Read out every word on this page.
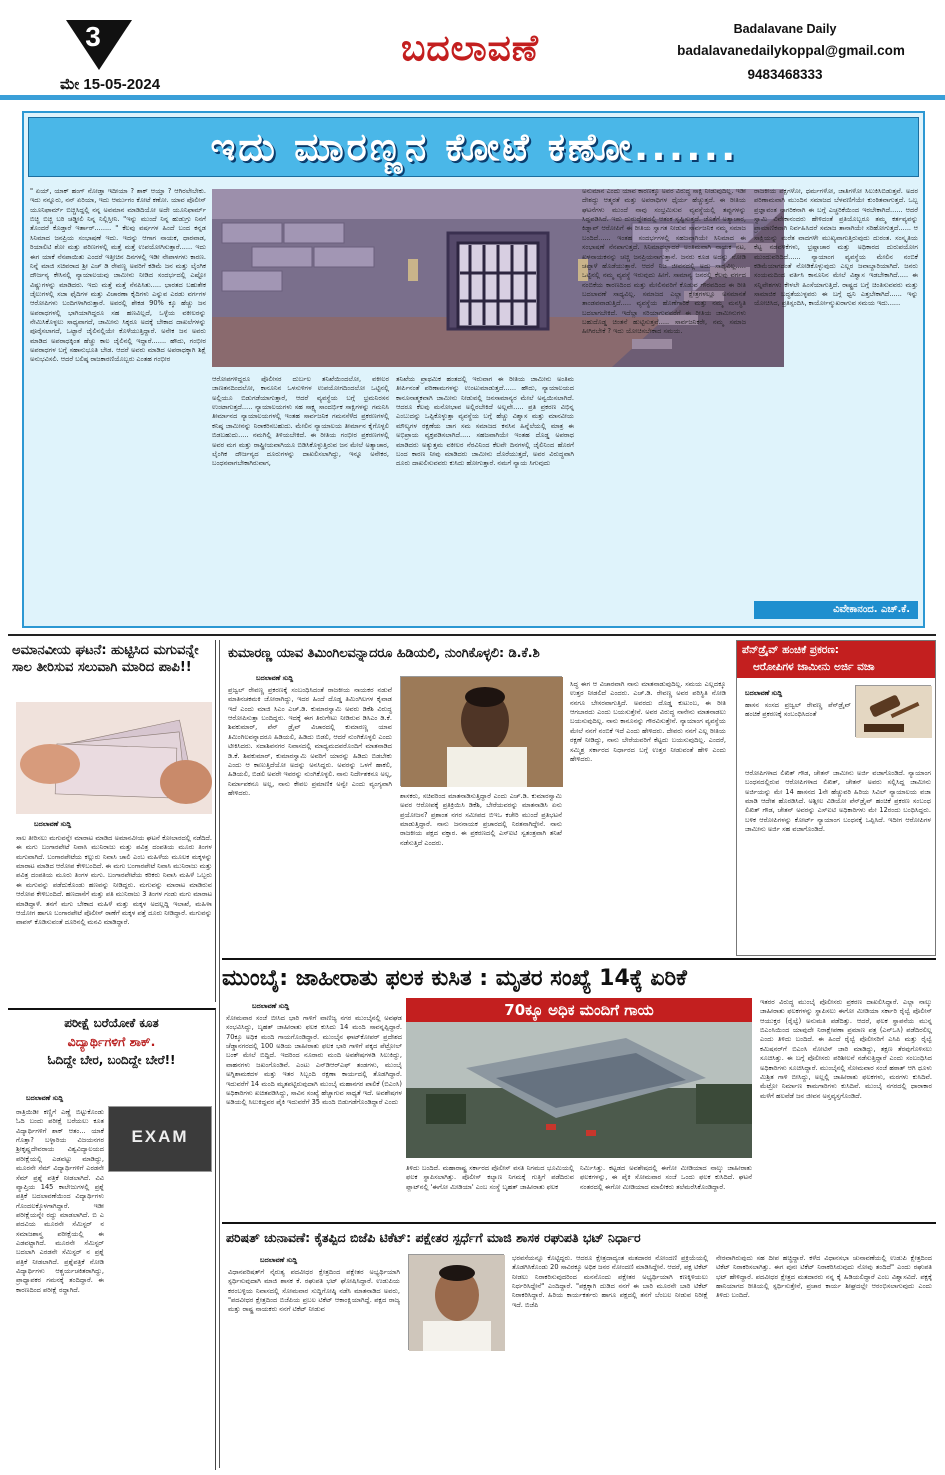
3
ಮೇ 15-05-2024
ಬದಲಾವಣೆ	Badalavane Daily
badalavanedailykoppal@gmail.com
9483468333
ಇದು ಮಾರಣ್ಣನ ಕೋಟೆ ಕಣೋ......
" ಏಯ್, ಯಾಕ್ ಹಂಗ್ ನೋಡ್ತಾ ಇದೀಯಾ ? ಶಾಕ್ ಆಯ್ತಾ ? ಆಗಿರಲೇಬೇಕು. ಇದು ನನ್ನೂರು, ನನ್ ಏರಿಯಾ, ಇದು ಆರ್ಮುಗಂ ಕೋಟೆ ಕಣೋ. ಯಾವ ಪೊಲೀಸ್ ಯೂನಿಫಾರ್ಮ್ ಬಿಚ್ಚಿಸಿದ್ದಲ್ಲಿ ನನ್ನ ಅವಮಾನ ಮಾಡಿದಿಯೋ ಅದೇ ಯೂನಿಫಾರ್ಮ್ ಬಿಚ್ಚಿ ಬಿಚ್ಚಿ ಬರಿ ಚಡ್ಡೀಲಿ ನಿನ್ನ ನಿಲ್ಲಿಸ್ತೀನಿ. "ಇನ್ನು ಮುಂದೆ ನಿನ್ನ ಹುಡುಗ್ರು ನಿನಗೆ ತೊಂದರೆ ಕೊಡ್ತಾರೆ ಇರ್ತಾರ್........ " ಕೆಲವು ವರ್ಷಗಳ ಹಿಂದೆ ಬಂದ ಕನ್ನಡ ಸಿನಿಮಾದ ಜನಪ್ರಿಯ ಸಂಭಾಷಣೆ ಇದು. ಇದನ್ನು ಆಗಾಗ ನಾಯಕ, ಧಾರವಾಡ, ರಿಯಾಲಿಟಿ ಶೋ ಮತ್ತು ಪರಿಣಗಳಲ್ಲಿ ಮತ್ತೆ ಮತ್ತೆ ಉಪಯೋಗಿಸುತ್ತಾರೆ...... ಇದು ಈಗ ಯಾಕೆ ನೆನಪಾಯಿತು ಎಂದರೆ ಇತ್ತೀಚಿನ ದಿನಗಳಲ್ಲಿ ಇಡೀ ನೇಪಾಳಗಳು ಕಾರಣ. ನಿನ್ನೆ ಮಾಜಿ ಸಚಿವರಾದ ಶ್ರೀ ಎಚ್ ಡಿ ರೇವಣ್ಣ ಅವರಿಗೆ ಕಡಿಮೆ ಜನ ಮತ್ತು ಲೈಂಗಿಕ ದೌರ್ಜನ್ಯ ಕೇಸಿನಲ್ಲಿ ನ್ಯಾಯಾಲಯವು ಜಾಮೀನು ನೀಡಿದ ಸಂದರ್ಭದಲ್ಲಿ ಎಷ್ಟೋ ವಿಷ್ಣುಗಳನ್ನು ಮಾಡಿದರು. ಇದು ಮತ್ತೆ ಮತ್ತೆ ನೆನಪಿಸಿತು..... ಭಾರತದ ಬಹುತೇಕ ಜೈಲುಗಳಲ್ಲಿ ಸಜಾ ಫೈದಿಗಳ ಮತ್ತು ವಿಚಾರಣಾ ಕೈದಿಗಳು ಎನ್ನುವ ಎರಡು ವರ್ಗಗಳ ಆರೋಪಿಗಳು ಬಂದಿಗಳಾಗಿರುತ್ತಾರೆ. ಅವರಲ್ಲಿ ಶೇಕಡ 90% ಕ್ಕೂ ಹೆಚ್ಚು ಜನ ಅಪರಾಧಗಳಲ್ಲಿ ಭಾಗಿಯಾಗಿದ್ದರೂ ಸಹ ಹಣವಿಲ್ಲದೆ, ಒಳ್ಳೆಯ ವಕೀಲರನ್ನು ನೇಮಿಸಿಕೊಳ್ಳಲು ಸಾಧ್ಯವಾಗದೆ, ಜಾಮೀನು ಸಿಕ್ಕರೂ ಅದಕ್ಕೆ ಬೇಕಾದ ದಾಖಲೆಗಳನ್ನು ಪೂರೈಸಲಾಗದೆ, ಒಟ್ಟಾರೆ ಜೈಲಿನಲ್ಲಿಯೇ ಕೊಳೆಯುತ್ತಿದ್ದಾರೆ. ಅನೇಕ ಜನ ಅವರು ಮಾಡಿದ ಅಪರಾಧಕ್ಕಿಂತ ಹೆಚ್ಚು ಕಾಲ ಜೈಲಿನಲ್ಲಿ ಇದ್ದಾರೆ....... ಹೌದು, ಗಂಭೀರ ಅಪರಾಧಗಳ ಬಗ್ಗೆ ಸಹಾನುಭೂತಿ ಬೇಡ. ಆದರೆ ಅವರು ಮಾಡಿದ ಅಪರಾಧಕ್ಕಾಗಿ ಶಿಕ್ಷೆ ಅನುಭವಿಸಲಿ. ಆದರೆ ಬಲಿಷ್ಠ ರಾಜಕಾರಣಿಯೊಬ್ಬರು ಎಂತಹ ಗಂಭೀರ
ಆರೋಪಗಳಿದ್ದರೂ ಪೊಲೀಸರ ದುರ್ಬಲ ತನಿಖೆಯಿಂದಲೋ, ವಕೀಲರ ಜಾಣತನದಿಂದಲೋ, ಕಾನೂನಿನ ಒಳಸುಳಿಗಳ ಉಪಯೋಗದಿಂದಲೋ ಒಟ್ಟಿನಲ್ಲಿ ಅಲ್ಲಿಯೂ ಬಿಡುಗಡೆಯಾಗುತ್ತಾರೆ, ಆದರೆ ವ್ಯವಸ್ಥೆಯ ಬಗ್ಗೆ ಭ್ರಮನಿರಸನ ಉಂಟಾಗುತ್ತದೆ..... ನ್ಯಾಯಾಲಯಗಳು ಸಹ ಸಾಕ್ಷ್ಯ ಸಾಂದರ್ಭಿಕ ಸಾಕ್ಷಿಗಳನ್ನು ಗಮನಿಸಿ ತೀರ್ಮಾನದ ನ್ಯಾಯಾಲಯಗಳಲ್ಲಿ ಇಂತಹ ಸಾರ್ವಜನಿಕ ಗಮನಸೆಳೆದ ಪ್ರಕರಣಗಳಲ್ಲಿ ಕನಿಷ್ಠ ಜಾಮೀನನ್ನು ನಿರಾಕರಿಸಬಹುದು. ಮೇಲಿನ ನ್ಯಾಯಾಲಯ ತೀರ್ಮಾನ ಕೈಗೊಳ್ಳಲಿ ಬಿಡಬಹುದು..... ನಮಗಿಲ್ಲಿ ತಿಳಿಯಬೇಕಿದೆ. ಈ ರೀತಿಯ ಗಂಭೀರ ಪ್ರಕರಣಗಳಲ್ಲಿ ಅವರ ಮಗ ಮತ್ತು ರಾಷ್ಟ್ರೀಯವಾಗಿಯೂ ಬಿಡಿಸಿಕೊಳ್ಳುತ್ತಿರುವ ಜನ ಮೇಲೆ ಅತ್ಯಾಚಾರ, ಲೈಂಗಿಕ ದೌರ್ಜನ್ಯದ ದೂರುಗಳನ್ನು ದಾಖಲಿಸಲಾಗಿದ್ದು, ಇನ್ನೂ ಅನೇಕರ, ಬಂಧನವಾಗಬೇಕಾಗಿರುವಾಗ,
ತನಿಖೆಯ ಪ್ರಾಥಮಿಕ ಹಂತದಲ್ಲಿ ಇರುವಾಗ ಈ ರೀತಿಯ ಜಾಮೀನು ಅಂತಿಮ ತೀರ್ಪಿನಂತೆ ಪರಿಣಾಮಗಳನ್ನು ಉಂಟುಮಾಡುತ್ತದೆ...... ಹೌದು, ನ್ಯಾಯಾಲಯದ ಕಾನೂನಾತ್ಮಕವಾಗಿ ಜಾಮೀನು ನೀಡುವಲ್ಲಿ ಜನಸಾಮಾನ್ಯರ ಮೇಲೆ ಅನ್ವಯಿಸಲಾಗಿದೆ. ಆದರೂ ಕೆಲವು ಮನೋಭಾವ ಅಲ್ಲಿರಬೇಕಿದೆ ಅಲ್ಲವೇ..... ಪ್ರತಿ ಪ್ರಕರಣ ವಿಭಿನ್ನ ಎಂಬುದನ್ನು ಒಪ್ಪಿಕೊಳ್ಳುತ್ತಾ ವ್ಯವಸ್ಥೆಯ ಬಗ್ಗೆ ಹೆಚ್ಚು ವಿಶ್ವಾಸ ಮತ್ತು ಮಾನವೀಯ ಮೌಲ್ಯಗಳ ರಕ್ಷಣೆಯ ಜಾಗ ಸಮ ಸಮಾಜದ ಕನಸಿನ ಹಿನ್ನೆಲೆಯಲ್ಲಿ ಮಾತ್ರ ಈ ಅಭಿಪ್ರಾಯ ವ್ಯಕ್ತಪಡಿಸಲಾಗಿದೆ..... ಸಹಜವಾಗಿಯೇ ಇಂತಹ ದೊಡ್ಡ ಅಪರಾಧ ಮಾಡಿದರು ಅತ್ಯುತ್ತಮ ವಕೀಲರ ನೆರವಿನಿಂದ ಕೆಲವೇ ದಿನಗಳಲ್ಲಿ ಜೈಲಿನಿಂದ ಹೊರಗೆ ಬಂದ ಕಾರಣ ನೀವು ಮಾಡಿದರು ಜಾಮೀನು ದೊರೆಯುತ್ತದೆ, ಅವರ ವಿರುದ್ಧವಾಗಿ ದೂರು ದಾಖಲಿಸುವವರು ಕುಸಿದು ಹೋಗುತ್ತಾರೆ. ನಮಗೆ ನ್ಯಾಯ ಸಿಗುವುದು
ಅನುಮಾನ ಎಂದು ಯಾವ ಕಾರಣಕ್ಕೂ ಅವರ ವಿರುದ್ಧ ಸಾಕ್ಷಿ ನೀಡುವುದಿಲ್ಲ. ಇಡೀ ದೇಶದ್ದು ಆತ್ಮರತೆ ಮತ್ತು ಅಪರಾಧಿಗಳ ಧೈರ್ಯ ಹೆಚ್ಚುತ್ತದೆ. ಈ ರೀತಿಯ ಘಟನೆಗಳು ಮುಂದೆ ನಾವು ಸಂಭ್ರಮಿಸುವ ವ್ಯವಸ್ಥೆಯಲ್ಲಿ ತಪ್ಪುಗಳನ್ನು ಸಿದ್ದಪಡಿಸಿದೆ. ಇದು ದುರುದ್ದೇಶದಲ್ಲಿ ಆತಂಕ ಸೃಷ್ಟಿಸುತ್ತದೆ. ಜೊತೆಗೆ ಅತ್ಯಾಚಾರ, ಕಿಡ್ನಾಪ್ ಆರೋಪಿಗೆ ಈ ರೀತಿಯ ಸ್ವಾಗತ ನೀಡುವ ಸಾರ್ವಜನಿಕ ನಮ್ಮ ಸಮಾಜ ಬಂದಿದೆ...... ಇಂತಹ ಸಂದರ್ಭಗಳಲ್ಲಿ ಸಹಜವಾಗಿಯೇ ಸಿನಿಮಾದ ಈ ಸಂಭಾಷಣೆ ನೆನಪಾಗುತ್ತದೆ. ಸಿನಿಮಾದಲ್ಲಾದರೆ ಅಂತಿಮವಾಗಿ ನಾಯಕ ನಟ, ಖಳನಾಯಕನನ್ನು ಚಚ್ಚಿ ಜನಪ್ರಿಯನಾಗುತ್ತಾನೆ. ಜನರು ಕೂಡ ಅದನ್ನು ನೋಡಿ ಚಪ್ಪಾಳೆ ಹೊಡೆಯುತ್ತಾರೆ. ಆದರೆ ನಿಜ ಜೀವನದಲ್ಲಿ ಅದು ಸಾಧ್ಯವಿಲ್ಲ..... ಒಟ್ಟಿನಲ್ಲಿ ನಮ್ಮ ವ್ಯವಸ್ಥೆ ಇರುವುದು ಹೀಗೆ. ಸಾಮಾನ್ಯ ಜನರಲ್ಲಿ ಕೆಲವು ವರ್ಗದ ನಂಬಿಕೆಯ ಕಾರಣದಿಂದ ಮತ್ತು ಮೇಲಿನವರಿಗೆ ಕೊಡುವ ಗೌರವದಿಂದ ಈ ರೀತಿ ಬದಲಾವಣೆ ಸಾಧ್ಯವಿಲ್ಲ. ಸಮಾಜದ ಎಲ್ಲಾ ಕ್ಷೇತ್ರಗಳಲ್ಲೂ ಅಸಮಾನತೆ ತಾಂಡವವಾಡುತ್ತಿದೆ..... ವ್ಯವಸ್ಥೆಯ ಹೊಣೆಗಾರಿಕೆ ಮತ್ತು ನಮ್ಮ ಮನಸ್ಥಿತಿ ಬದಲಾಗಬೇಕಿದೆ. ಇದೆಲ್ಲಾ ಸರಿಯಾಗುವವರೆಗೆ ಈ ರೀತಿಯ ಜಾಮೀನುಗಳು ಬಹುದೊಡ್ಡ ಚಿಂತನೆ ಹುಟ್ಟಿಸುತ್ತವೆ..... ಸಾರ್ವಜನಿಕರೇ, ನಮ್ಮ ಸಮಾಜ ಹೀಗಿರಬೇಕೆ ? ಇದು ಯೋಚಿಸಬೇಕಾದ ಸಮಯ.
ರಾಜಕೀಯ ಪಕ್ಷಗಳೋ, ಧರ್ಮಗಳೋ, ಜಾತಿಗಳೋ ಸಿಲುಕಿಸಿಬಿಡುತ್ತವೆ. ಅದರ ಪರಿಣಾಮವಾಗಿ ಮುಂದಿನ ಸಮಾಜದ ಬೆಳವಣಿಗೆಯೇ ಕುಂಠಿತವಾಗುತ್ತದೆ. ಒಬ್ಬ ಪ್ರಜ್ಞಾವಂತ ನಾಗರಿಕನಾಗಿ ಈ ಬಗ್ಗೆ ಎಚ್ಚರಿಕೆಯಿಂದ ಇರಬೇಕಾಗಿದೆ...... ಆದರೆ ಸ್ವಾಮಿ ವಿವೇಕಾನಂದರು ಹೇಳಿದಂತೆ ಪ್ರತಿಯೊಬ್ಬರೂ ತಮ್ಮ ಕರ್ತವ್ಯವನ್ನು ಪ್ರಾಮಾಣಿಕವಾಗಿ ನಿರ್ವಹಿಸಿದರೆ ಸಮಾಜ ತಾನಾಗಿಯೇ ಸರಿಹೋಗುತ್ತದೆ...... ಆ ಸಾಕ್ಷಿಯನ್ನು ಮರೆತ ವಾದಗಳೇ ಮುಖ್ಯವಾಗುತ್ತಿರುವುದು ದುರಂತ. ಸಂಸ್ಕೃತಿಯ ಕೆಟ್ಟ ನಡವಳಿಕೆಗಳು, ಭ್ರಷ್ಟಾಚಾರ ಮತ್ತು ಅಧಿಕಾರದ ದುರುಪಯೋಗ ಮುಂದುವರಿದಿದೆ...... ನ್ಯಾಯಾಂಗ ವ್ಯವಸ್ಥೆಯ ಮೇಲಿನ ನಂಬಿಕೆ ಕಡಿಮೆಯಾಗದಂತೆ ನೋಡಿಕೊಳ್ಳುವುದು ಎಲ್ಲರ ಜವಾಬ್ದಾರಿಯಾಗಿದೆ. ಜನರು ಸಂಯಮದಿಂದ ವರ್ತಿಸಿ ಕಾನೂನಿನ ಮೇಲೆ ವಿಶ್ವಾಸ ಇಡಬೇಕಾಗಿದೆ..... ಈ ಸನ್ನಿವೇಶಗಳು ಕೇಳಲೇ ಹಿಂಸೆಯಾಗುತ್ತಿದೆ. ರಾಷ್ಟ್ರದ ಬಗ್ಗೆ ಚಿಂತಿಸುವವರು ಮತ್ತು ಸಾಮಾಜಿಕ ಬದ್ಧತೆಯುಳ್ಳವರು ಈ ಬಗ್ಗೆ ಧ್ವನಿ ಎತ್ತಬೇಕಾಗಿದೆ...... ಇನ್ನು ಯೋಚಿಸಿದ, ಪ್ರತಿಸ್ಪಂದಿಸಿ, ಕಾರ್ಯೋನ್ಮುಖರಾಗುವ ಸಮಯ ಇದು......
ವಿವೇಕಾನಂದ. ಎಚ್.ಕೆ.
ಅಮಾನವೀಯ ಘಟನೆ: ಹುಟ್ಟಿಸಿದ ಮಗುವನ್ನೇ ಸಾಲ ತೀರಿಸುವ ಸಲುವಾಗಿ ಮಾರಿದ ಪಾಪಿ!!
ಬದಲಾವಣೆ ಸುದ್ದಿ
ಸಾಲ ತೀರಿಸಲು ಮಗುವನ್ನೇ ಮಾರಾಟ ಮಾಡಿದ ಅಮಾನವೀಯ ಘಟನೆ ಕೋಲಾರದಲ್ಲಿ ನಡೆದಿದೆ. ಈ ಮಗು ಬಂಗಾರಪೇಟೆ ನಿವಾಸಿ ಮುನಿರಾಜು ಮತ್ತು ಪವಿತ್ರ ದಂಪತಿಯ ಮೂರು ತಿಂಗಳ ಮಗುವಾಗಿದೆ. ಬಂಗಾರಪೇಟೆಯ ಕಲ್ಲುರು ನಿವಾಸಿ ಚಾಲಿ ಎಂಬ ಮಹಿಳೆಯ ಮೂಲಕ ಮಕ್ಕಳನ್ನು ಮಾರಾಟ ಮಾಡಿದ ಆರೋಪ ಕೇಳಿಬಂದಿದೆ. ಈ ಮಗು ಬಂಗಾರಪೇಟೆ ನಿವಾಸಿ ಮುನಿರಾಜು ಮತ್ತು ಪವಿತ್ರ ದಂಪತಿಯ ಮೂರು ತಿಂಗಳ ಮಗು. ಬಂಗಾರಪೇಟೆಯ ಕರಿಕರು ನಿವಾಸಿ ಮಹಿಳೆ ಒಬ್ಬರು ಈ ಮಗುವನ್ನು ಪಡೆದುಕೊಂಡು ಹಣವನ್ನು ನೀಡಿದ್ದರು. ಮಗುವನ್ನು ಮಾರಾಟ ಮಾಡಿರುವ ಆರೋಪ ಕೇಳಿಬಂದಿದೆ. ಹಣದಾಸೆಗೆ ಮತ್ತು ಪತಿ ಮುನಿರಾಜು 3 ತಿಂಗಳ ಗಂಡು ಮಗು ಮಾರಾಟ ಮಾಡಿದ್ದಾಳೆ. ತನಗೆ ಮಗು ಬೇಕಾದ ಮಹಿಳೆ ಮತ್ತು ಮಕ್ಕಳ ಅದಲ್ಲದ್ದಿ ಇಲಾಖೆ, ಮಹಿಳಾ ಆಯೋಗ ಹಾಗೂ ಬಂಗಾರಪೇಟೆ ಪೊಲೀಸ್ ಠಾಣೆಗೆ ಮಕ್ಕಳ ಪತ್ತೆ ದೂರು ನೀಡಿದ್ದಾರೆ. ಮಗುವನ್ನು ವಾಪಸ್ ಕೊಡಿಸುವಂತೆ ದೂರಿನಲ್ಲಿ ಮನವಿ ಮಾಡಿದ್ದಾರೆ.
ಪರೀಕ್ಷೆ ಬರೆಯೋಕೆ ಕೂತ
ವಿದ್ಯಾರ್ಥಿಗಳಿಗೆ ಶಾಕ್.
ಓದಿದ್ದೇ ಬೇರ, ಬಂದಿದ್ದೇ ಬೇರೆ!!
ಬದಲಾವಣೆ ಸುದ್ದಿ
EXAM
ರಾತ್ರಿಯಿಡೀ ಕಣ್ಣಿಗೆ ಎಣ್ಣೆ ಬಿಟ್ಟುಕೊಂಡು ಓದಿ ಬಂದು ಪರೀಕ್ಷೆ ಬರೆಯಲು ಕೂತ ವಿದ್ಯಾರ್ಥಿಗಳಿಗೆ ಶಾಕ್ ಆತಂ... ಯಾಕೆ ಗೊತ್ತಾ? ಬಳ್ಳಾರಿಯ ವಿಜಯನಗರ ಶ್ರೀಕೃಷ್ಣದೇವರಾಯ ವಿಶ್ವವಿದ್ಯಾಲಯದ ಪರೀಕ್ಷೆಯಲ್ಲಿ ಎಡವಟ್ಟು ಮಾಡಿದ್ದು, ಮೂರನೇ ಸೆಮ್ ವಿದ್ಯಾರ್ಥಿಗಳಿಗೆ ಎರಡನೇ ಸೆಮ್ ಪ್ರಶ್ನೆ ಪತ್ರಿಕೆ ನೀಡಲಾಗಿದೆ. ವಿವಿ ವ್ಯಾಪ್ತಿಯ 145 ಕಾಲೇಜುಗಳಲ್ಲಿ ಪ್ರಶ್ನೆ ಪತ್ರಿಕೆ ಬದಲಾವಣೆಯಿಂದ ವಿದ್ಯಾರ್ಥಿಗಳು ಗೊಂದಲಕ್ಕೊಳಗಾಗಿದ್ದಾರೆ. ಇಡೀ ಪರೀಕ್ಷೆಯನ್ನೇ ರದ್ದು ಮಾಡಲಾಗಿದೆ. ಬಿ ಎ ಪದವಿಯ ಮೂರನೇ ಸೆಮಿಸ್ಟರ್ ನ ಸಮಾಜಶಾಸ್ತ್ರ ಪರೀಕ್ಷೆಯಲ್ಲಿ ಈ ಎಡವಟ್ಟಾಗಿದೆ. ಮೂರನೇ ಸೆಮಿಸ್ಟರ್ ಬದಲಾಗಿ ಎರಡನೇ ಸೆಮಿಸ್ಟರ್ ನ ಪ್ರಶ್ನೆ ಪತ್ರಿಕೆ ನೀಡಲಾಗಿದೆ. ಪ್ರಶ್ನೆಪತ್ರಿಕೆ ನೋಡಿ ವಿದ್ಯಾರ್ಥಿಗಳು ಆಶ್ಚರ್ಯಚಕಿತರಾಗಿದ್ದು, ಪ್ರಾಧ್ಯಾಪಕರ ಗಮನಕ್ಕೆ ತಂದಿದ್ದಾರೆ. ಈ ಕಾರಣದಿಂದ ಪರೀಕ್ಷೆ ರದ್ದಾಗಿದೆ.
ಕುಮಾರಣ್ಣ ಯಾವ ತಿಮಿಂಗಿಲವನ್ನಾದರೂ ಹಿಡಿಯಲಿ, ನುಂಗಿಕೊಳ್ಳಲಿ: ಡಿ.ಕೆ.ಶಿ
ಬದಲಾವಣೆ ಸುದ್ದಿ
ಪ್ರಜ್ವಲ್ ರೇವಣ್ಣ ಪ್ರಕರಣಕ್ಕೆ ಸಂಬಂಧಿಸಿದಂತೆ ರಾಜಕೀಯ ನಾಯಕರ ನಡುವೆ ಮಾತಿನಚಕಮಕಿ ಜೋರಾಗಿದ್ದು, ಇದರ ಹಿಂದೆ ದೊಡ್ಡ ತಿಮಿಂಗಿಲಗಳ ಕೈವಾಡ ಇದೆ ಎಂದು ಮಾಜಿ ಸಿಎಂ ಎಚ್.ಡಿ. ಕುಮಾರಸ್ವಾಮಿ ಅವರು ಡಿಕೆಶಿ ವಿರುದ್ಧ ಆರೋಪಿಸುತ್ತಾ ಬಂದಿದ್ದರು. ಇದಕ್ಕೆ ಈಗ ತಿರುಗೇಟು ನೀಡಿರುವ ಡಿಸಿಎಂ ಡಿ.ಕೆ. ಶಿವಕುಮಾರ್, ಪೆನ್ ಡ್ರೈವ್ ವಿಚಾರದಲ್ಲಿ ಕುಮಾರಣ್ಣ ಯಾವ ತಿಮಿಂಗಿಲವನ್ನಾದರೂ ಹಿಡಿಯಲಿ, ಹಿಡಿದು ಬಿಡಲಿ, ಆದರೆ ನುಂಗಿಕೊಳ್ಳಲಿ ಎಂದು ಟೀಕಿಸಿದರು. ಸದಾಶಿವನಗರ ನಿವಾಸದಲ್ಲಿ ಮಾಧ್ಯಮದವರೊಂದಿಗೆ ಮಾತನಾಡಿದ ಡಿ.ಕೆ. ಶಿವಕುಮಾರ್, ಕುಮಾರಸ್ವಾಮಿ ಅವರಿಗೆ ಯಾರನ್ನು ಹಿಡಿದು ಬಿಡಬೇಕು ಎಂದು ಆ ಕಾಣುತ್ತಿದೆಯೋ ಅದನ್ನು ಅನಸಿದ್ದರು. ಅವರನ್ನು ಒಳಗೆ ಹಾಕಲಿ, ಹಿಡಿಯಲಿ, ಬಿಡಲಿ ಅವರೇ ಇವರನ್ನು ನುಂಗಿಕೊಳ್ಳಲಿ. ನಾನು ನಿರ್ದೇಶಕನೂ ಅಲ್ಲ, ನಿರ್ಮಾಪಕನೂ ಅಲ್ಲ, ನಾನು ಕೇವಲ ಪ್ರಮಾಣಿಕ ಅನ್ವೇ ಎಂದು ವ್ಯಂಗ್ಯವಾಗಿ ಹೇಳಿದರು.	ಶಾಸಕರು, ಸಚಿವರಿಂದ ಮಾತನಾಡಿಸುತ್ತಿದ್ದಾರೆ ಎಂದು ಎಚ್.ಡಿ. ಕುಮಾರಸ್ವಾಮಿ ಅವರ ಆರೋಪಕ್ಕೆ ಪ್ರತಿಕ್ರಿಯಿಸಿ ಡಿಕೆಶಿ, ಬೇರೆಯವರನ್ನು ಮಾತನಾಡಿಸಿ ಏನು ಪ್ರಯೋಜನ? ಪ್ರಶಾಂತ ನಗರ ಸಮೀಪದ ಬಿಇಒ ಕಚೇರಿ ಮುಂದೆ ಪ್ರತಿಭಟನೆ ಮಾಡುತ್ತಿದ್ದಾರೆ. ನಾನು ಜನನಾಯಕ ಪ್ರಚಾರದಲ್ಲಿ ನಿರತನಾಗಿದ್ದೇನೆ. ನಾನು ರಾಜಕೀಯ ಪಕ್ಷದ ವಕ್ತಾರ. ಈ ಪ್ರಕರಣದಲ್ಲಿ ಎಸ್ಐಟಿ ಸ್ವತಂತ್ರವಾಗಿ ತನಿಖೆ ನಡೆಸುತ್ತಿದೆ ಎಂದರು.
ಸಿದ್ಧ ಈಗ ಆ ವಿಚಾರವಾಗಿ ನಾನು ಮಾತನಾಡುವುದಿಲ್ಲ. ಸಮಯ ಎಲ್ಲದಕ್ಕೂ ಉತ್ತರ ನೀಡಲಿದೆ ಎಂದರು. ಎಚ್.ಡಿ. ರೇವಣ್ಣ ಅವರ ಪರಿಸ್ಥಿತಿ ನೋಡಿ ನನಗೂ ಬೇಸರವಾಗುತ್ತಿದೆ. ಅವರದು ದೊಡ್ಡ ಕುಟುಂಬ, ಈ ರೀತಿ ಆಗಬಾರದು ಎಂದು ಬಯಸುತ್ತೇನೆ. ಅವರ ವಿರುದ್ಧ ನಾನೇನು ಮಾತನಾಡಲು ಬಯಸುವುದಿಲ್ಲ. ನಾನು ಕಾನೂನನ್ನು ಗೌರವಿಸುತ್ತೇನೆ. ನ್ಯಾಯಾಂಗ ವ್ಯವಸ್ಥೆಯ ಮೇಲೆ ನನಗೆ ನಂಬಿಕೆ ಇದೆ ಎಂದು ಹೇಳಿದರು. ದೇವರು ನನಗೆ ಎಲ್ಲ ರೀತಿಯ ರಕ್ಷಣೆ ನೀಡಿದ್ದು, ನಾನು ಬೇರೆಯವರಿಗೆ ಕೆಟ್ಟದು ಬಯಸುವುದಿಲ್ಲ. ಎಂದರೆ, ಸಮ್ಮಿಶ್ರ ಸರ್ಕಾರದ ನಿರ್ಧಾರದ ಬಗ್ಗೆ ಉತ್ತರ ನೀಡುವಂತೆ ಹೇಳಿ ಎಂದು ಹೇಳಿದರು.
ಪೆನ್‌ಡ್ರೈವ್ ಹಂಚಿಕೆ ಪ್ರಕರಣ:
ಆರೋಪಿಗಳ ಜಾಮೀನು ಅರ್ಜಿ ವಜಾ
ಬದಲಾವಣೆ ಸುದ್ದಿ
ಹಾಸನ ಸಂಸದ ಪ್ರಜ್ವಲ್ ರೇವಣ್ಣ ಪೆನ್‌ಡ್ರೈವ್ ಹಂಚಿಕೆ ಪ್ರಕರಣಕ್ಕೆ ಸಂಬಂಧಿಸಿದಂತೆ
ಆರೋಪಿಗಳಾದ ಲಿಖಿತ್ ಗೌಡ, ಚೇತನ್ ಜಾಮೀನು ಅರ್ಜಿ ವಜಾಗೊಂಡಿದೆ. ನ್ಯಾಯಾಂಗ ಬಂಧನದಲ್ಲಿರುವ ಆರೋಪಿಗಳಾದ ಲಿಖಿತ್, ಚೇತನ್ ಅವರು ಸಲ್ಲಿಸಿದ್ದ ಜಾಮೀನು ಅರ್ಜಿಯನ್ನು ಮೇ 14 ಹಾಸನದ 1ನೇ ಹೆಚ್ಚುವರಿ ಹಿರಿಯ ಸಿವಿಲ್ ನ್ಯಾಯಾಲಯ ವಜಾ ಮಾಡಿ ಆದೇಶ ಹೊರಡಿಸಿದೆ. ಅಶ್ಲೀಲ ವಿಡಿಯೋ ಪೆನ್‌ಡ್ರೈವ್ ಹಂಚಿಕೆ ಪ್ರಕರಣ ಸಂಬಂಧ ಲಿಖಿತ್ ಗೌಡ, ಚೇತನ್ ಅವರನ್ನು ಎಸ್ಐಟಿ ಅಧಿಕಾರಿಗಳು ಮೇ 12ರಂದು ಬಂಧಿಸಿದ್ದರು. ಬಳಿಕ ಆರೋಪಿಗಳನ್ನು ಕೋರ್ಟ್ ನ್ಯಾಯಾಂಗ ಬಂಧನಕ್ಕೆ ಒಪ್ಪಿಸಿದೆ. ಇದೀಗ ಆರೋಪಿಗಳ ಜಾಮೀನು ಅರ್ಜಿ ಸಹ ವಜಾಗೊಂಡಿದೆ.
ಮುಂಬೈ: ಜಾಹೀರಾತು ಫಲಕ ಕುಸಿತ : ಮೃತರ ಸಂಖ್ಯೆ 14ಕ್ಕೆ ಏರಿಕೆ
ಬದಲಾವಣೆ ಸುದ್ದಿ
ಸೋಮವಾರ ಸಂಜೆ ಬೀಸಿದ ಭಾರಿ ಗಾಳಿಗೆ ವಾಣಿಜ್ಯ ನಗರ ಮುಂಬೈನಲ್ಲಿ ಅವಘಡ ಸಂಭವಿಸಿದ್ದು, ಬೃಹತ್ ಜಾಹೀರಾತು ಫಲಕ ಕುಸಿದು 14 ಮಂದಿ ಸಾವನ್ನಪ್ಪಿದ್ದಾರೆ. 70ಕ್ಕೂ ಅಧಿಕ ಮಂದಿ ಗಾಯಗೊಂಡಿದ್ದಾರೆ. ಮುಂಬೈನ ಘಾಟ್‌ಕೋಪರ್ ಪ್ರದೇಶದ ಚೆಡ್ಡಾನಗರದಲ್ಲಿ 100 ಅಡಿಯ ಜಾಹೀರಾತು ಫಲಕ ಭಾರಿ ಗಾಳಿಗೆ ಪಕ್ಕದ ಪೆಟ್ರೋಲ್ ಬಂಕ್ ಮೇಲೆ ಬಿದ್ದಿದೆ. ಇದರಿಂದ ನೂರಾರು ಮಂದಿ ಅವಶೇಷಗಳಡಿ ಸಿಲುಕಿದ್ದು, ವಾಹನಗಳು ಜಖಂಗೊಂಡಿವೆ. ಎಂಟು ಎನ್‌ಡಿಆರ್‌ಎಫ್ ತಂಡಗಳು, ಮುಂಬೈ ಅಗ್ನಿಶಾಮಕದಳ ಮತ್ತು ಇತರ ಸಿಬ್ಬಂದಿ ರಕ್ಷಣಾ ಕಾರ್ಯದಲ್ಲಿ ತೊಡಗಿದ್ದಾರೆ. ಇದುವರೆಗೆ 14 ಮಂದಿ ಮೃತಪಟ್ಟಿರುವುದಾಗಿ ಮುಂಬೈ ಮಹಾನಗರ ಪಾಲಿಕೆ (ಬಿಎಂಸಿ) ಅಧಿಕಾರಿಗಳು ಖಚಿತಪಡಿಸಿದ್ದು, ಸಾವಿನ ಸಂಖ್ಯೆ ಹೆಚ್ಚಾಗುವ ಸಾಧ್ಯತೆ ಇದೆ. ಅವಶೇಷಗಳ ಅಡಿಯಲ್ಲಿ ಸಿಲುಕಿದ್ದವರ ಪೈಕಿ ಇದುವರೆಗೆ 35 ಮಂದಿ ಬಿಡುಗಡೆಗೊಂಡಿದ್ದಾರೆ ಎಂದು
70ಕ್ಕೂ ಅಧಿಕ ಮಂದಿಗೆ ಗಾಯ
ತಿಳಿದು ಬಂದಿದೆ. ಮಹಾರಾಷ್ಟ್ರ ಸರ್ಕಾರದ ಪೊಲೀಸ್ ವಸತಿ ನಿಗಮದ ಭೂಮಿಯಲ್ಲಿ ಫಲಕ ಸ್ಥಾಪಿಸಲಾಗಿತ್ತು. ಪೊಲೀಸ್ ಕಲ್ಯಾಣ ನಿಗಮಕ್ಕೆ ಗುತ್ತಿಗೆ ಪಡೆದಿರುವ ಪ್ಲಾಟ್‌ನಲ್ಲಿ 'ಈಗೋ ಮೀಡಿಯಾ' ಎಂಬ ಸಂಸ್ಥೆ ಬೃಹತ್ ಜಾಹೀರಾತು ಫಲಕ
ನಿರ್ಮಿಸಿತ್ತು. ಕಟ್ಟಡದ ಅವಶೇಷದಲ್ಲಿ ಈಗೋ ಮೀಡಿಯಾದ ನಾಲ್ಕು ಜಾಹೀರಾತು ಫಲಕಗಳನ್ನು, ಈ ಪೈಕಿ ಸೋಮವಾರ ಸಂಜೆ ಒಂದು ಫಲಕ ಕುಸಿದಿದೆ. ಘಟನೆ ನಂತರದಲ್ಲಿ ಈಗೋ ಮೀಡಿಯಾದ ಮಾಲೀಕರು ತಲೆಮರೆಸಿಕೊಂಡಿದ್ದಾರೆ.
ಇತರರ ವಿರುದ್ಧ ಮುಂಬೈ ಪೊಲೀಸರು ಪ್ರಕರಣ ದಾಖಲಿಸಿದ್ದಾರೆ. ಎಲ್ಲಾ ನಾಲ್ಕು ಜಾಹೀರಾತು ಫಲಕಗಳನ್ನು ಸ್ಥಾಪಿಸಲು ಈಗೋ ಮೀಡಿಯಾ ಸರ್ಕಾರಿ ರೈಲ್ವೆ ಪೊಲೀಸ್ ಆಯುಕ್ತರ (ರೈಲ್ವೆ) ಅನುಮತಿ ಪಡೆದಿತ್ತು. ಆದರೆ, ಫಲಕ ಸ್ಥಾಪನೆಯ ಮುನ್ನ ಬಿಎಂಸಿಯಿಂದ ಯಾವುದೇ ನಿರಾಕ್ಷೇಪಣಾ ಪ್ರಮಾಣ ಪತ್ರ (ಎನ್‌ಒಸಿ) ಪಡೆದಿರಲಿಲ್ಲ ಎಂದು ತಿಳಿದು ಬಂದಿದೆ. ಈ ಹಿಂದೆ ರೈಲ್ವೆ ಪೊಲೀಸರಿಗೆ ಎಸಿಪಿ ಮತ್ತು ರೈಲ್ವೆ ಕಮಿಷನರ್‌ಗೆ ಬಿಎಂಸಿ ನೋಟಿಸ್ ಜಾರಿ ಮಾಡಿದ್ದು, ತಕ್ಷಣ ತೆರವುಗೊಳಿಸಲು ಸೂಚಿಸಿತ್ತು. ಈ ಬಗ್ಗೆ ಪೊಲೀಸರು ಪರಿಶೀಲನೆ ನಡೆಸುತ್ತಿದ್ದಾರೆ ಎಂದು ಸಂಬಂಧಿಸಿದ ಅಧಿಕಾರಿಗಳು ಸೂಚಿಸಿದ್ದಾರೆ. ಮುಂಬೈನಲ್ಲಿ ಸೋಮವಾರ ಸಂಜೆ ಹಠಾತ್ ಆಗಿ ಧೂಳು ಮಿಶ್ರಿತ ಗಾಳಿ ಬೀಸಿದ್ದು, ಅಲ್ಲಲ್ಲಿ ಜಾಹೀರಾತು ಫಲಕಗಳು, ಮರಗಳು ಕುಸಿದಿವೆ. ಮೆಟ್ರೋ ನಿರ್ಮಾಣ ಕಾಮಗಾರಿಗಳು ಕುಸಿದಿವೆ. ಮುಂಬೈ ನಗರದಲ್ಲಿ ಧಾರಾಕಾರ ಮಳೆಗೆ ಹಲವೆಡೆ ಜನ ಜೀವನ ಅಸ್ತವ್ಯಸ್ತಗೊಂಡಿದೆ.
ಪರಿಷತ್ ಚುನಾವಣೆ: ಕೈತಪ್ಪಿದ ಬಿಜೆಪಿ ಟಿಕೆಟ್: ಪಕ್ಷೇತರ ಸ್ಪರ್ಧೆಗೆ ಮಾಜಿ ಶಾಸಕ ರಘುಪತಿ ಭಟ್ ನಿರ್ಧಾರ
ಬದಲಾವಣೆ ಸುದ್ದಿ
ವಿಧಾನಪರಿಷತ್‌ಗೆ ನೈರುತ್ಯ ಪದವೀಧರ ಕ್ಷೇತ್ರದಿಂದ ಪಕ್ಷೇತರ ಅಭ್ಯರ್ಥಿಯಾಗಿ ಸ್ಪರ್ಧಿಸುವುದಾಗಿ ಮಾಜಿ ಶಾಸಕ ಕೆ. ರಘುಪತಿ ಭಟ್ ಘೋಷಿಸಿದ್ದಾರೆ. ಉಡುಪಿಯ ಕರಂಬಳ್ಳಿಯ ನಿವಾಸದಲ್ಲಿ ಸೋಮವಾರ ಸುದ್ದಿಗೋಷ್ಠಿ ನಡೆಸಿ ಮಾತನಾಡಿದ ಅವರು, "ಪದವೀಧರ ಕ್ಷೇತ್ರದಿಂದ ಬಿಜೆಪಿಯ ಪ್ರಬಲ ಟಿಕೆಟ್ ಆಕಾಂಕ್ಷಿಯಾಗಿದ್ದೆ. ಪಕ್ಷದ ರಾಜ್ಯ ಮತ್ತು ರಾಷ್ಟ್ರ ನಾಯಕರು ನನಗೆ ಟಿಕೆಟ್ ನೀಡುವ
ಭರವಸೆಯನ್ನೂ ಕೊಟ್ಟಿದ್ದರು. ಆದರೂ ಕ್ಷೇತ್ರದಾದ್ಯಂತ ಮತದಾರರ ನೋಂದಣಿ ಪ್ರಕ್ರಿಯೆಯಲ್ಲಿ ತೊಡಗಿಸಿಕೊಂಡು 20 ಸಾವಿರಕ್ಕೂ ಅಧಿಕ ಜನರ ನೋಂದಣಿ ಮಾಡಿಸಿದ್ದೇನೆ. ಆದರೆ, ಪಕ್ಷ ಟಿಕೆಟ್ ನೀಡಲು ನಿರಾಕರಿಸುವುದರಿಂದ ಮನನೊಂದು ಪಕ್ಷೇತರ ಅಭ್ಯರ್ಥಿಯಾಗಿ ಕಣಕ್ಕಿಳಿಯಲು ನಿರ್ಧರಿಸಿದ್ದೇನೆ" ಎಂದಿದ್ದಾರೆ. "ಪಕ್ಷಕ್ಕಾಗಿ ದುಡಿದ ನನಗೆ ಈ ಬಾರಿ ಮೂರನೇ ಬಾರಿ ಟಿಕೆಟ್ ನಿರಾಕರಿಸಿದ್ದಾರೆ. ಹಿರಿಯ ಕಾರ್ಯಕರ್ತರು ಹಾಗೂ ಪಕ್ಷದಲ್ಲಿ ತನಗೆ ಬೆಂಬಲ ನೀಡುವ ನಿರೀಕ್ಷೆ ಇದೆ. ಬಿಜೆಪಿ
ನೇರವಾಗಿರುವುದು ಸಹ ದೀಪ ಹಚ್ಚಿದ್ದಾರೆ. ಕಳೆದ ವಿಧಾನಸಭಾ ಚುನಾವಣೆಯಲ್ಲಿ ಉಡುಪಿ ಕ್ಷೇತ್ರದಿಂದ ಟಿಕೆಟ್ ನಿರಾಕರಿಸಲಾಗಿತ್ತು. ಈಗ ಪುನಃ ಟಿಕೆಟ್ ನಿರಾಕರಿಸಿರುವುದು ನೋವು ತಂದಿದೆ" ಎಂದು ರಘುಪತಿ ಭಟ್ ಹೇಳಿದ್ದಾರೆ. ಪದವೀಧರ ಕ್ಷೇತ್ರದ ಮತದಾರರು ನನ್ನ ಕೈ ಹಿಡಿಯಲಿದ್ದಾರೆ ಎಂಬ ವಿಶ್ವಾಸವಿದೆ. ಪಕ್ಷಕ್ಕೆ ಹಾನಿಯಾಗದ ರೀತಿಯಲ್ಲಿ ಸ್ಪರ್ಧಿಸುತ್ತೇನೆ, ಪ್ರಚಾರ ಕಾರ್ಯ ಶೀಘ್ರದಲ್ಲೇ ಆರಂಭಿಸಲಾಗುವುದು ಎಂದು ತಿಳಿದು ಬಂದಿದೆ.
